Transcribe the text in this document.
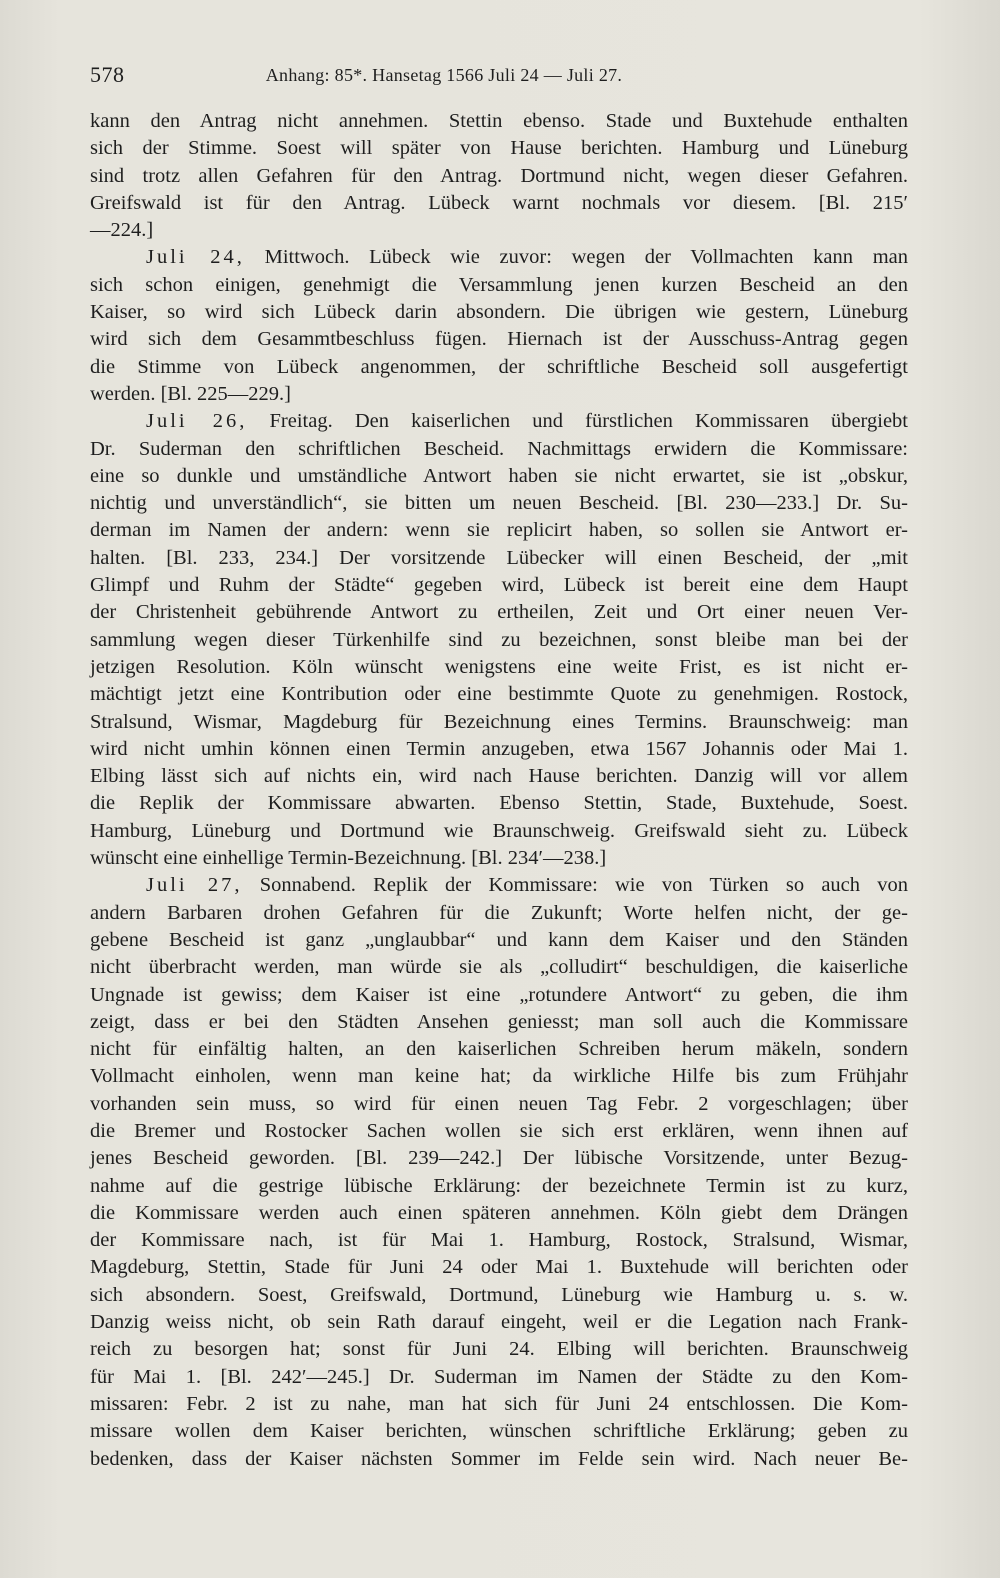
578	Anhang: 85*. Hansetag 1566 Juli 24 — Juli 27.
kann den Antrag nicht annehmen. Stettin ebenso. Stade und Buxtehude enthalten
sich der Stimme. Soest will später von Hause berichten. Hamburg und Lüneburg
sind trotz allen Gefahren für den Antrag. Dortmund nicht, wegen dieser Gefahren.
Greifswald ist für den Antrag. Lübeck warnt nochmals vor diesem. [Bl. 215′
—224.]
Juli 24, Mittwoch. Lübeck wie zuvor: wegen der Vollmachten kann man
sich schon einigen, genehmigt die Versammlung jenen kurzen Bescheid an den
Kaiser, so wird sich Lübeck darin absondern. Die übrigen wie gestern, Lüneburg
wird sich dem Gesammtbeschluss fügen. Hiernach ist der Ausschuss-Antrag gegen
die Stimme von Lübeck angenommen, der schriftliche Bescheid soll ausgefertigt
werden. [Bl. 225—229.]
Juli 26, Freitag. Den kaiserlichen und fürstlichen Kommissaren übergiebt
Dr. Suderman den schriftlichen Bescheid. Nachmittags erwidern die Kommissare:
eine so dunkle und umständliche Antwort haben sie nicht erwartet, sie ist „obskur,
nichtig und unverständlich“, sie bitten um neuen Bescheid. [Bl. 230—233.] Dr. Su-
derman im Namen der andern: wenn sie replicirt haben, so sollen sie Antwort er-
halten. [Bl. 233, 234.] Der vorsitzende Lübecker will einen Bescheid, der „mit
Glimpf und Ruhm der Städte“ gegeben wird, Lübeck ist bereit eine dem Haupt
der Christenheit gebührende Antwort zu ertheilen, Zeit und Ort einer neuen Ver-
sammlung wegen dieser Türkenhilfe sind zu bezeichnen, sonst bleibe man bei der
jetzigen Resolution. Köln wünscht wenigstens eine weite Frist, es ist nicht er-
mächtigt jetzt eine Kontribution oder eine bestimmte Quote zu genehmigen. Rostock,
Stralsund, Wismar, Magdeburg für Bezeichnung eines Termins. Braunschweig: man
wird nicht umhin können einen Termin anzugeben, etwa 1567 Johannis oder Mai 1.
Elbing lässt sich auf nichts ein, wird nach Hause berichten. Danzig will vor allem
die Replik der Kommissare abwarten. Ebenso Stettin, Stade, Buxtehude, Soest.
Hamburg, Lüneburg und Dortmund wie Braunschweig. Greifswald sieht zu. Lübeck
wünscht eine einhellige Termin-Bezeichnung. [Bl. 234′—238.]
Juli 27, Sonnabend. Replik der Kommissare: wie von Türken so auch von
andern Barbaren drohen Gefahren für die Zukunft; Worte helfen nicht, der ge-
gebene Bescheid ist ganz „unglaubbar“ und kann dem Kaiser und den Ständen
nicht überbracht werden, man würde sie als „colludirt“ beschuldigen, die kaiserliche
Ungnade ist gewiss; dem Kaiser ist eine „rotundere Antwort“ zu geben, die ihm
zeigt, dass er bei den Städten Ansehen geniesst; man soll auch die Kommissare
nicht für einfältig halten, an den kaiserlichen Schreiben herum mäkeln, sondern
Vollmacht einholen, wenn man keine hat; da wirkliche Hilfe bis zum Frühjahr
vorhanden sein muss, so wird für einen neuen Tag Febr. 2 vorgeschlagen; über
die Bremer und Rostocker Sachen wollen sie sich erst erklären, wenn ihnen auf
jenes Bescheid geworden. [Bl. 239—242.] Der lübische Vorsitzende, unter Bezug-
nahme auf die gestrige lübische Erklärung: der bezeichnete Termin ist zu kurz,
die Kommissare werden auch einen späteren annehmen. Köln giebt dem Drängen
der Kommissare nach, ist für Mai 1. Hamburg, Rostock, Stralsund, Wismar,
Magdeburg, Stettin, Stade für Juni 24 oder Mai 1. Buxtehude will berichten oder
sich absondern. Soest, Greifswald, Dortmund, Lüneburg wie Hamburg u. s. w.
Danzig weiss nicht, ob sein Rath darauf eingeht, weil er die Legation nach Frank-
reich zu besorgen hat; sonst für Juni 24. Elbing will berichten. Braunschweig
für Mai 1. [Bl. 242′—245.] Dr. Suderman im Namen der Städte zu den Kom-
missaren: Febr. 2 ist zu nahe, man hat sich für Juni 24 entschlossen. Die Kom-
missare wollen dem Kaiser berichten, wünschen schriftliche Erklärung; geben zu
bedenken, dass der Kaiser nächsten Sommer im Felde sein wird. Nach neuer Be-
